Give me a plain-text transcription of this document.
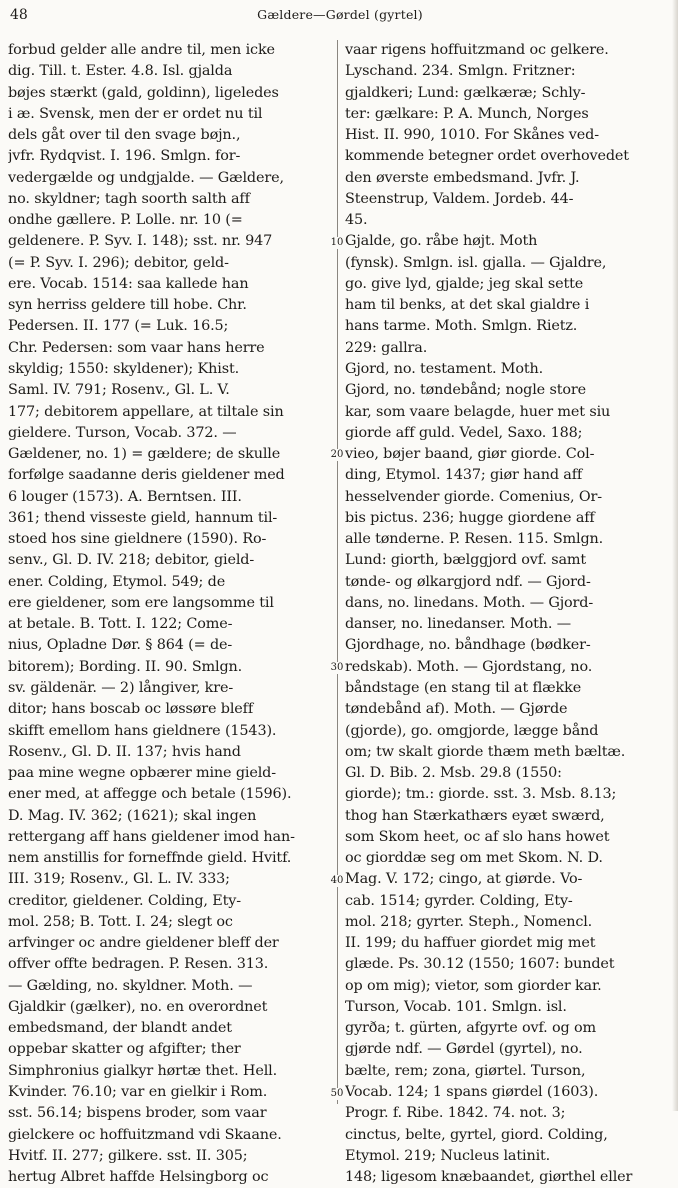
48	Gældere—Gørdel (gyrtel)
forbud gelder alle andre til, men icke
dig. Till. t. Ester. 4.8. Isl. gjalda
bøjes stærkt (gald, goldinn), ligeledes
i æ. Svensk, men der er ordet nu til
dels gåt over til den svage bøjn.,
jvfr. Rydqvist. I. 196. Smlgn. for-
vedergælde og undgjalde. — Gældere,
no. skyldner; tagh soorth salth aff
ondhe gællere. P. Lolle. nr. 10 (=
geldenere. P. Syv. I. 148); sst. nr. 947
(= P. Syv. I. 296); debitor, geld-
ere. Vocab. 1514: saa kallede han
syn herriss geldere till hobe. Chr.
Pedersen. II. 177 (= Luk. 16.5;
Chr. Pedersen: som vaar hans herre
skyldig; 1550: skyldener); Khist.
Saml. IV. 791; Rosenv., Gl. L. V.
177; debitorem appellare, at tiltale sin
gieldere. Turson, Vocab. 372. —
Gældener, no. 1) = gældere; de skulle
forfølge saadanne deris gieldener med
6 louger (1573). A. Berntsen. III.
361; thend visseste gield, hannum til-
stoed hos sine gieldnere (1590). Ro-
senv., Gl. D. IV. 218; debitor, gield-
ener. Colding, Etymol. 549; de
ere gieldener, som ere langsomme til
at betale. B. Tott. I. 122; Come-
nius, Opladne Dør. § 864 (= de-
bitorem); Bording. II. 90. Smlgn.
sv. gäldenär. — 2) långiver, kre-
ditor; hans boscab oc løssøre bleff
skifft emellom hans gieldnere (1543).
Rosenv., Gl. D. II. 137; hvis hand
paa mine wegne opbærer mine gield-
ener med, at affegge och betale (1596).
D. Mag. IV. 362; (1621); skal ingen
rettergang aff hans gieldener imod han-
nem anstillis for forneffnde gield. Hvitf.
III. 319; Rosenv., Gl. L. IV. 333;
creditor, gieldener. Colding, Ety-
mol. 258; B. Tott. I. 24; slegt oc
arfvinger oc andre gieldener bleff der
offver offte bedragen. P. Resen. 313.
— Gælding, no. skyldner. Moth. —
Gjaldkir (gælker), no. en overordnet
embedsmand, der blandt andet
oppebar skatter og afgifter; ther
Simphronius gialkyr hørtæ thet. Hell.
Kvinder. 76.10; var en gielkir i Rom.
sst. 56.14; bispens broder, som vaar
gielckere oc hoffuitzmand vdi Skaane.
Hvitf. II. 277; gilkere. sst. II. 305;
hertug Albret haffde Helsingborg oc
10
20
30
40
50
vaar rigens hoffuitzmand oc gelkere.
Lyschand. 234. Smlgn. Fritzner:
gjaldkeri; Lund: gælkæræ; Schly-
ter: gælkare: P. A. Munch, Norges
Hist. II. 990, 1010. For Skånes ved-
kommende betegner ordet overhovedet
den øverste embedsmand. Jvfr. J.
Steenstrup, Valdem. Jordeb. 44-
45.
Gjalde, go. råbe højt. Moth
(fynsk). Smlgn. isl. gjalla. — Gjaldre,
go. give lyd, gjalde; jeg skal sette
ham til benks, at det skal gialdre i
hans tarme. Moth. Smlgn. Rietz.
229: gallra.
Gjord, no. testament. Moth.
Gjord, no. tøndebånd; nogle store
kar, som vaare belagde, huer met siu
giorde aff guld. Vedel, Saxo. 188;
vieo, bøjer baand, giør giorde. Col-
ding, Etymol. 1437; giør hand aff
hesselvender giorde. Comenius, Or-
bis pictus. 236; hugge giordene aff
alle tønderne. P. Resen. 115. Smlgn.
Lund: giorth, bælggjord ovf. samt
tønde- og ølkargjord ndf. — Gjord-
dans, no. linedans. Moth. — Gjord-
danser, no. linedanser. Moth. —
Gjordhage, no. båndhage (bødker-
redskab). Moth. — Gjordstang, no.
båndstage (en stang til at flække
tøndebånd af). Moth. — Gjørde
(gjorde), go. omgjorde, lægge bånd
om; tw skalt giorde thæm meth bæltæ.
Gl. D. Bib. 2. Msb. 29.8 (1550:
giorde); tm.: giorde. sst. 3. Msb. 8.13;
thog han Stærkathærs eyæt swærd,
som Skom heet, oc af slo hans howet
oc giorddæ seg om met Skom. N. D.
Mag. V. 172; cingo, at giørde. Vo-
cab. 1514; gyrder. Colding, Ety-
mol. 218; gyrter. Steph., Nomencl.
II. 199; du haffuer giordet mig met
glæde. Ps. 30.12 (1550; 1607: bundet
op om mig); vietor, som giorder kar.
Turson, Vocab. 101. Smlgn. isl.
gyrða; t. gürten, afgyrte ovf. og om
gjørde ndf. — Gørdel (gyrtel), no.
bælte, rem; zona, giørtel. Turson,
Vocab. 124; 1 spans giørdel (1603).
Progr. f. Ribe. 1842. 74. not. 3;
cinctus, belte, gyrtel, giord. Colding,
Etymol. 219; Nucleus latinit.
148; ligesom knæbaandet, giørthel eller
